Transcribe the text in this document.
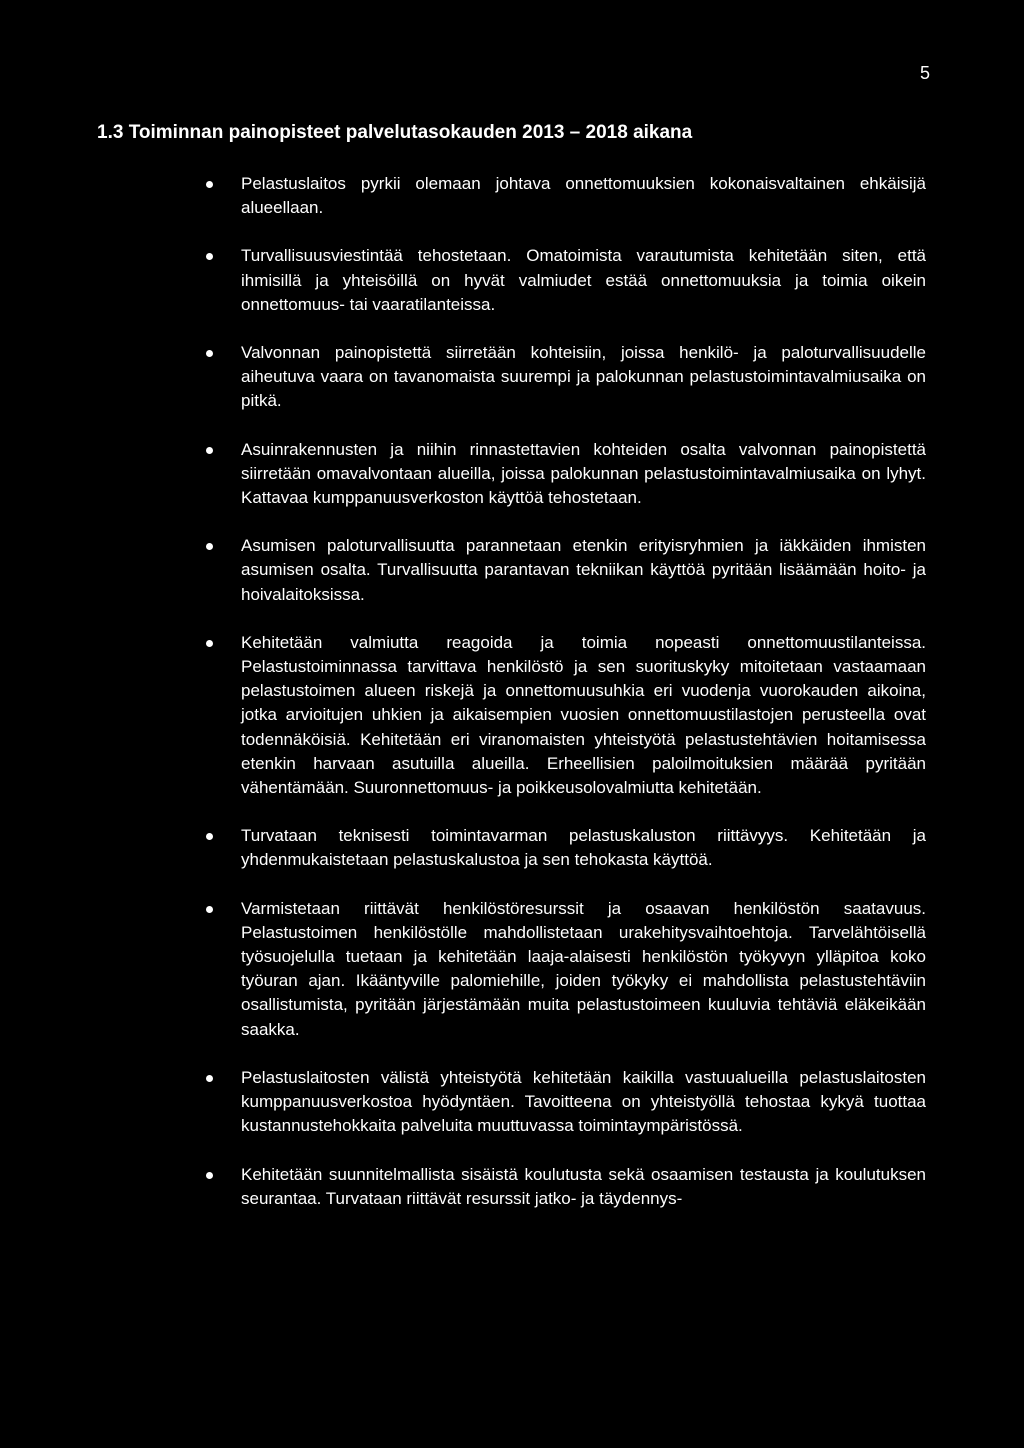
5
1.3 Toiminnan painopisteet palvelutasokauden 2013 – 2018 aikana
Pelastuslaitos pyrkii olemaan johtava onnettomuuksien kokonaisvaltainen ehkäisijä alueellaan.
Turvallisuusviestintää tehostetaan. Omatoimista varautumista kehitetään siten, että ihmisillä ja yhteisöillä on hyvät valmiudet estää onnettomuuksia ja toimia oikein onnettomuus- tai vaaratilanteissa.
Valvonnan painopistettä siirretään kohteisiin, joissa henkilö- ja paloturvallisuudelle aiheutuva vaara on tavanomaista suurempi ja palokunnan pelastustoimintavalmiusaika on pitkä.
Asuinrakennusten ja niihin rinnastettavien kohteiden osalta valvonnan painopistettä siirretään omavalvontaan alueilla, joissa palokunnan pelastustoimintavalmiusaika on lyhyt. Kattavaa kumppanuusverkoston käyttöä tehostetaan.
Asumisen paloturvallisuutta parannetaan etenkin erityisryhmien ja iäkkäiden ihmisten asumisen osalta. Turvallisuutta parantavan tekniikan käyttöä pyritään lisäämään hoito- ja hoivalaitoksissa.
Kehitetään valmiutta reagoida ja toimia nopeasti onnettomuustilanteissa. Pelastustoiminnassa tarvittava henkilöstö ja sen suorituskyky mitoitetaan vastaamaan pelastustoimen alueen riskejä ja onnettomuusuhkia eri vuodenja vuorokauden aikoina, jotka arvioitujen uhkien ja aikaisempien vuosien onnettomuustilastojen perusteella ovat todennäköisiä. Kehitetään eri viranomaisten yhteistyötä pelastustehtävien hoitamisessa etenkin harvaan asutuilla alueilla. Erheellisien paloilmoituksien määrää pyritään vähentämään. Suuronnettomuus- ja poikkeusolovalmiutta kehitetään.
Turvataan teknisesti toimintavarman pelastuskaluston riittävyys. Kehitetään ja yhdenmukaistetaan pelastuskalustoa ja sen tehokasta käyttöä.
Varmistetaan riittävät henkilöstöresurssit ja osaavan henkilöstön saatavuus. Pelastustoimen henkilöstölle mahdollistetaan urakehitysvaihtoehtoja. Tarvelähtöisellä työsuojelulla tuetaan ja kehitetään laaja-alaisesti henkilöstön työkyvyn ylläpitoa koko työuran ajan. Ikääntyville palomiehille, joiden työkyky ei mahdollista pelastustehtäviin osallistumista, pyritään järjestämään muita pelastustoimeen kuuluvia tehtäviä eläkeikään saakka.
Pelastuslaitosten välistä yhteistyötä kehitetään kaikilla vastuualueilla pelastuslaitosten kumppanuusverkostoa hyödyntäen. Tavoitteena on yhteistyöllä tehostaa kykyä tuottaa kustannustehokkaita palveluita muuttuvassa toimintaympäristössä.
Kehitetään suunnitelmallista sisäistä koulutusta sekä osaamisen testausta ja koulutuksen seurantaa. Turvataan riittävät resurssit jatko- ja täydennys-
